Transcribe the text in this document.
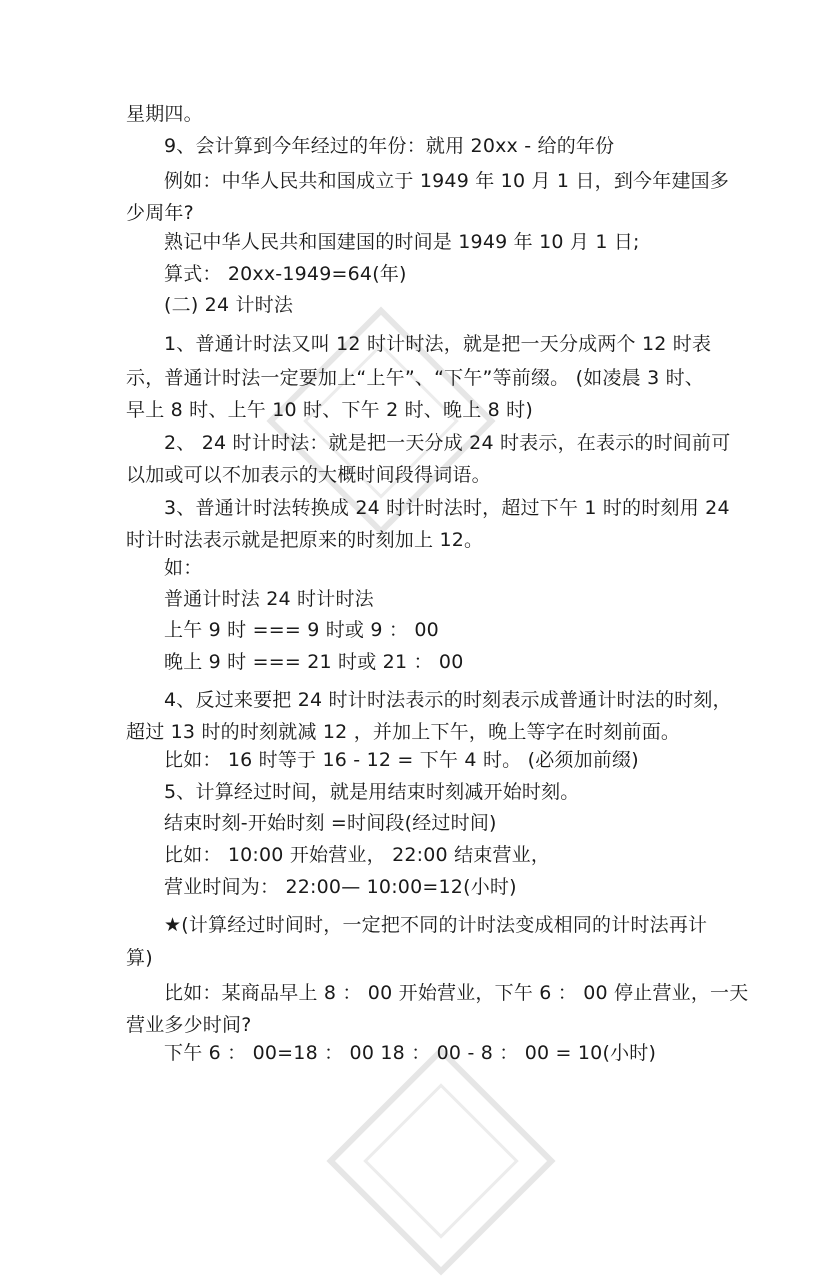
星期四。
9、会计算到今年经过的年份：就用 20xx - 给的年份
例如：中华人民共和国成立于 1949 年 10 月 1 日，到今年建国多
少周年?
熟记中华人民共和国建国的时间是 1949 年 10 月 1 日;
算式： 20xx-1949=64(年)
(二) 24 计时法
1、普通计时法又叫 12 时计时法，就是把一天分成两个 12 时表
示，普通计时法一定要加上“上午”、“下午”等前缀。 (如凌晨 3 时、
早上 8 时、上午 10 时、下午 2 时、晚上 8 时)
2、 24 时计时法：就是把一天分成 24 时表示，在表示的时间前可
以加或可以不加表示的大概时间段得词语。
3、普通计时法转换成 24 时计时法时，超过下午 1 时的时刻用 24
时计时法表示就是把原来的时刻加上 12。
如：
普通计时法 24 时计时法
上午 9 时 === 9 时或 9 ： 00
晚上 9 时 === 21 时或 21 ： 00
4、反过来要把 24 时计时法表示的时刻表示成普通计时法的时刻，
超过 13 时的时刻就减 12 ，并加上下午，晚上等字在时刻前面。
比如： 16 时等于 16 - 12 = 下午 4 时。 (必须加前缀)
5、计算经过时间，就是用结束时刻减开始时刻。
结束时刻-开始时刻 =时间段(经过时间)
比如： 10:00 开始营业， 22:00 结束营业，
营业时间为： 22:00— 10:00=12(小时)
★(计算经过时间时，一定把不同的计时法变成相同的计时法再计
算)
比如：某商品早上 8 ： 00 开始营业，下午 6 ： 00 停止营业，一天
营业多少时间?
下午 6 ： 00=18 ： 00 18 ： 00 - 8 ： 00 = 10(小时)
